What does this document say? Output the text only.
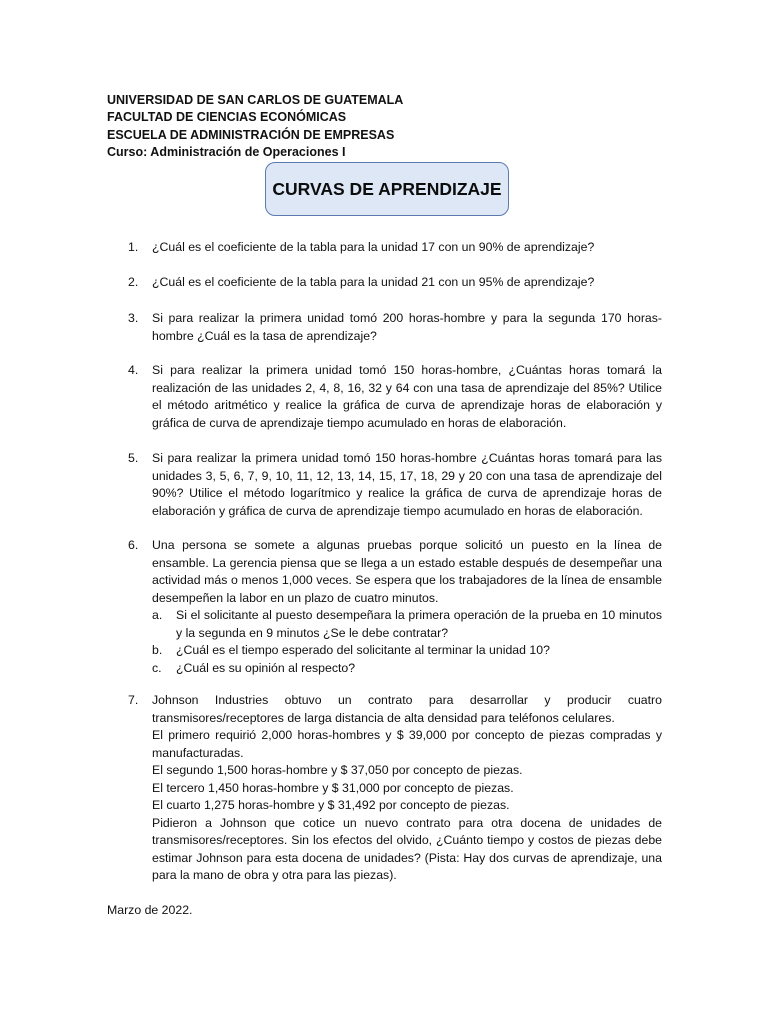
UNIVERSIDAD DE SAN CARLOS DE GUATEMALA
FACULTAD DE CIENCIAS ECONÓMICAS
ESCUELA DE ADMINISTRACIÓN DE EMPRESAS
Curso: Administración de Operaciones I
CURVAS DE APRENDIZAJE
1.	¿Cuál es el coeficiente de la tabla para la unidad 17 con un 90% de aprendizaje?

2.	¿Cuál es el coeficiente de la tabla para la unidad 21 con un 95% de aprendizaje?

3.	Si para realizar la primera unidad tomó 200 horas-hombre y para la segunda 170 horas-hombre ¿Cuál es la tasa de aprendizaje?

4.	Si para realizar la primera unidad tomó 150 horas-hombre, ¿Cuántas horas tomará la realización de las unidades 2, 4, 8, 16, 32 y 64 con una tasa de aprendizaje del 85%? Utilice el método aritmético y realice la gráfica de curva de aprendizaje horas de elaboración y gráfica de curva de aprendizaje tiempo acumulado en horas de elaboración.

5.	Si para realizar la primera unidad tomó 150 horas-hombre ¿Cuántas horas tomará para las unidades 3, 5, 6, 7, 9, 10, 11, 12, 13, 14, 15, 17, 18, 29 y 20 con una tasa de aprendizaje del 90%? Utilice el método logarítmico y realice la gráfica de curva de aprendizaje horas de elaboración y gráfica de curva de aprendizaje tiempo acumulado en horas de elaboración.

6.	Una persona se somete a algunas pruebas porque solicitó un puesto en la línea de ensamble. La gerencia piensa que se llega a un estado estable después de desempeñar una actividad más o menos 1,000 veces. Se espera que los trabajadores de la línea de ensamble desempeñen la labor en un plazo de cuatro minutos.

a. Si el solicitante al puesto desempeñara la primera operación de la prueba en 10 minutos y la segunda en 9 minutos ¿Se le debe contratar?
b. ¿Cuál es el tiempo esperado del solicitante al terminar la unidad 10?
c. ¿Cuál es su opinión al respecto?
7.	Johnson Industries obtuvo un contrato para desarrollar y producir cuatro transmisores/receptores de larga distancia de alta densidad para teléfonos celulares.

El primero requirió 2,000 horas-hombres y $ 39,000 por concepto de piezas compradas y manufacturadas.

El segundo 1,500 horas-hombre y $ 37,050 por concepto de piezas.

El tercero 1,450 horas-hombre y $ 31,000 por concepto de piezas.

El cuarto 1,275 horas-hombre y $ 31,492 por concepto de piezas.

Pidieron a Johnson que cotice un nuevo contrato para otra docena de unidades de transmisores/receptores. Sin los efectos del olvido, ¿Cuánto tiempo y costos de piezas debe estimar Johnson para esta docena de unidades? (Pista: Hay dos curvas de aprendizaje, una para la mano de obra y otra para las piezas).

Marzo de 2022.
